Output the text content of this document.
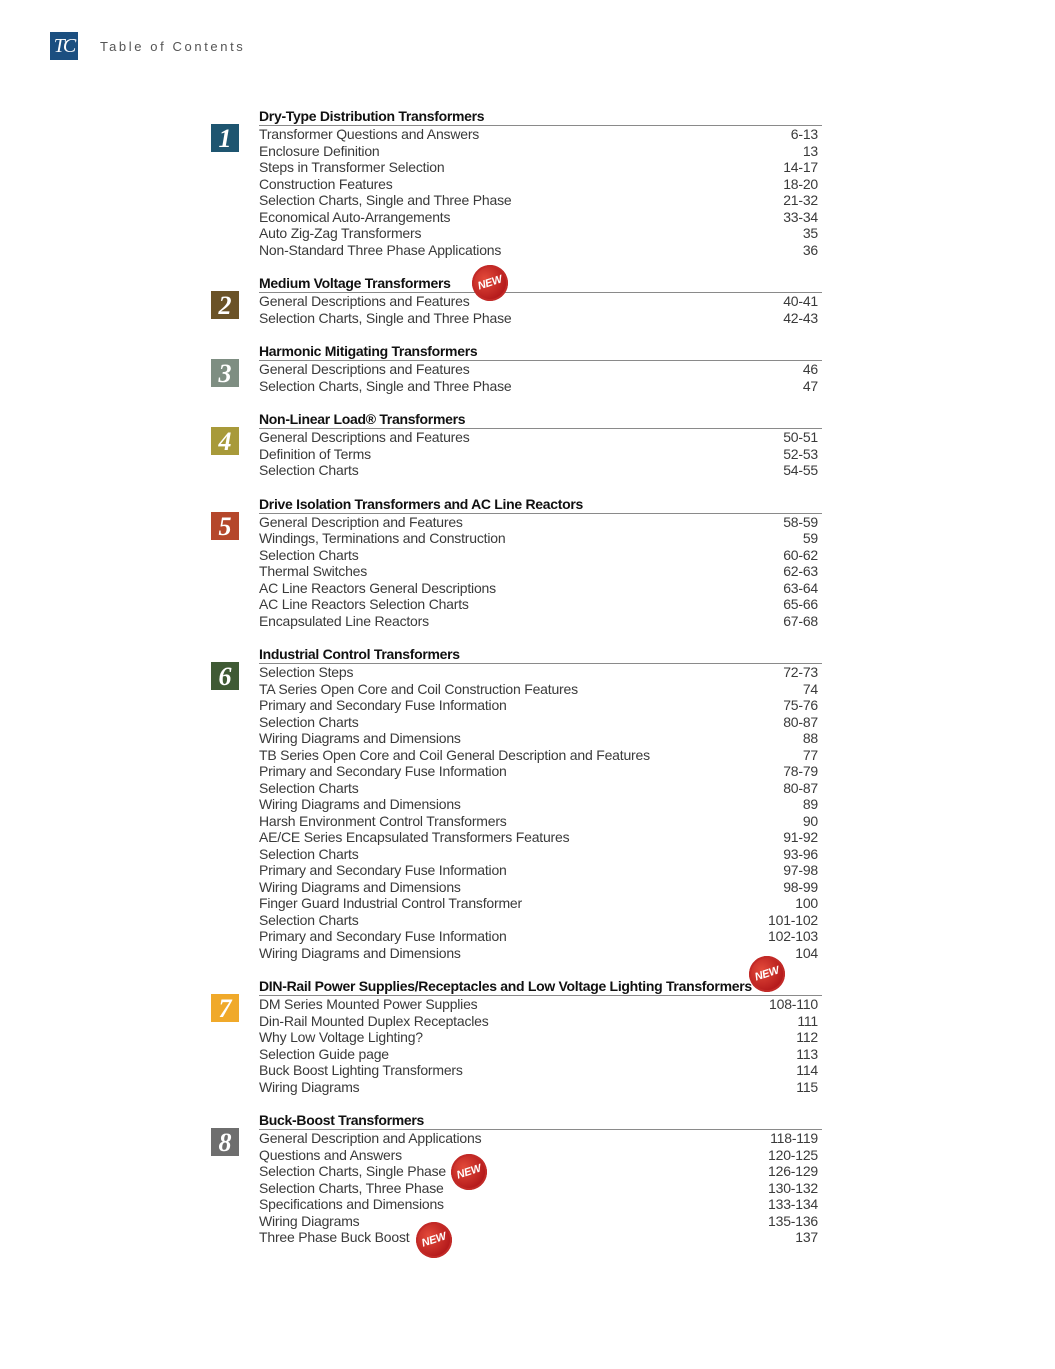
TC Table of Contents
1
Dry-Type Distribution Transformers
Transformer Questions and Answers	6-13
Enclosure Definition	13
Steps in Transformer Selection	14-17
Construction Features	18-20
Selection Charts, Single and Three Phase	21-32
Economical Auto-Arrangements	33-34
Auto Zig-Zag Transformers	35
Non-Standard Three Phase Applications	36
2
Medium Voltage Transformers	NEW
General Descriptions and Features	40-41
Selection Charts, Single and Three Phase	42-43
3
Harmonic Mitigating Transformers
General Descriptions and Features	46
Selection Charts, Single and Three Phase	47
4
Non-Linear Load® Transformers
General Descriptions and Features	50-51
Definition of Terms	52-53
Selection Charts	54-55
5
Drive Isolation Transformers and AC Line Reactors
General Description and Features	58-59
Windings, Terminations and Construction	59
Selection Charts	60-62
Thermal Switches	62-63
AC Line Reactors General Descriptions	63-64
AC Line Reactors Selection Charts	65-66
Encapsulated Line Reactors	67-68
6
Industrial Control Transformers
Selection Steps	72-73
TA Series Open Core and Coil Construction Features	74
Primary and Secondary Fuse Information	75-76
Selection Charts	80-87
Wiring Diagrams and Dimensions	88
TB Series Open Core and Coil General Description and Features	77
Primary and Secondary Fuse Information	78-79
Selection Charts	80-87
Wiring Diagrams and Dimensions	89
Harsh Environment Control Transformers	90
AE/CE Series Encapsulated Transformers Features	91-92
Selection Charts	93-96
Primary and Secondary Fuse Information	97-98
Wiring Diagrams and Dimensions	98-99
Finger Guard Industrial Control Transformer	100
Selection Charts	101-102
Primary and Secondary Fuse Information	102-103
Wiring Diagrams and Dimensions	104
7
DIN-Rail Power Supplies/Receptacles and Low Voltage Lighting Transformers
NEW
DM Series Mounted Power Supplies	108-110
Din-Rail Mounted Duplex Receptacles	111
Why Low Voltage Lighting?	112
Selection Guide page	113
Buck Boost Lighting Transformers	114
Wiring Diagrams	115
8
Buck-Boost Transformers
General Description and Applications	118-119
Questions and Answers	120-125
Selection Charts, Single Phase NEW	126-129
Selection Charts, Three Phase	130-132
Specifications and Dimensions	133-134
Wiring Diagrams	135-136
Three Phase Buck Boost NEW	137
